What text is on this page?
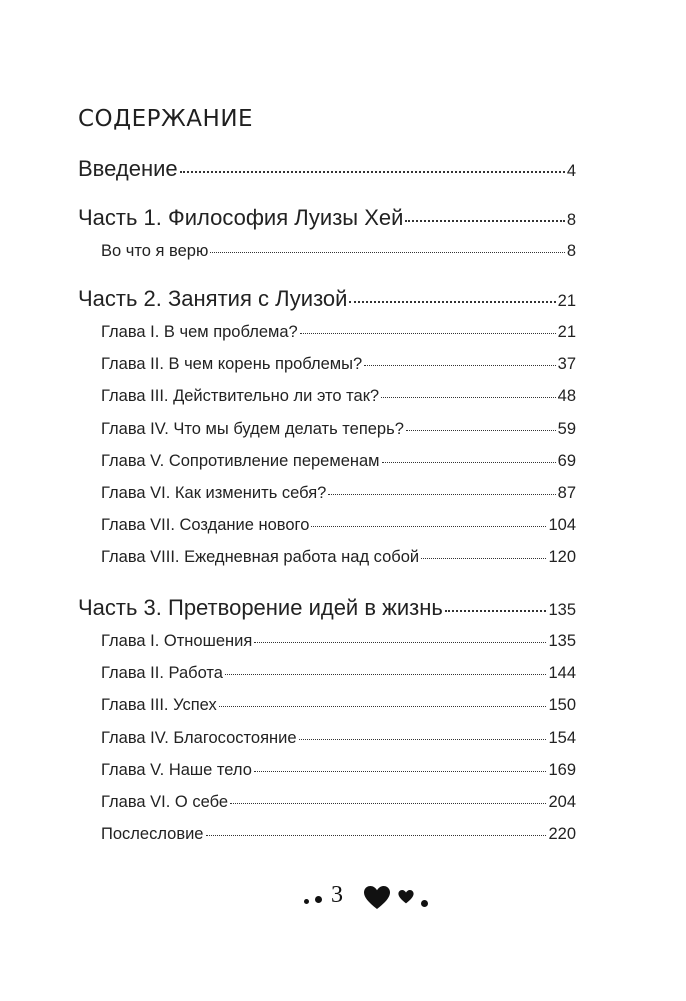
СОДЕРЖАНИЕ
Введение	4
Часть 1. Философия Луизы Хей	8
Во что я верю	8
Часть 2. Занятия с Луизой	21
Глава I. В чем проблема?	21
Глава II. В чем корень проблемы?	37
Глава III. Действительно ли это так?	48
Глава IV. Что мы будем делать теперь?	59
Глава V. Сопротивление переменам	69
Глава VI. Как изменить себя?	87
Глава VII. Создание нового	104
Глава VIII. Ежедневная работа над собой	120
Часть 3. Претворение идей в жизнь	135
Глава I. Отношения	135
Глава II. Работа	144
Глава III. Успех	150
Глава IV. Благосостояние	154
Глава V. Наше тело	169
Глава VI. О себе	204
Послесловие	220
3
